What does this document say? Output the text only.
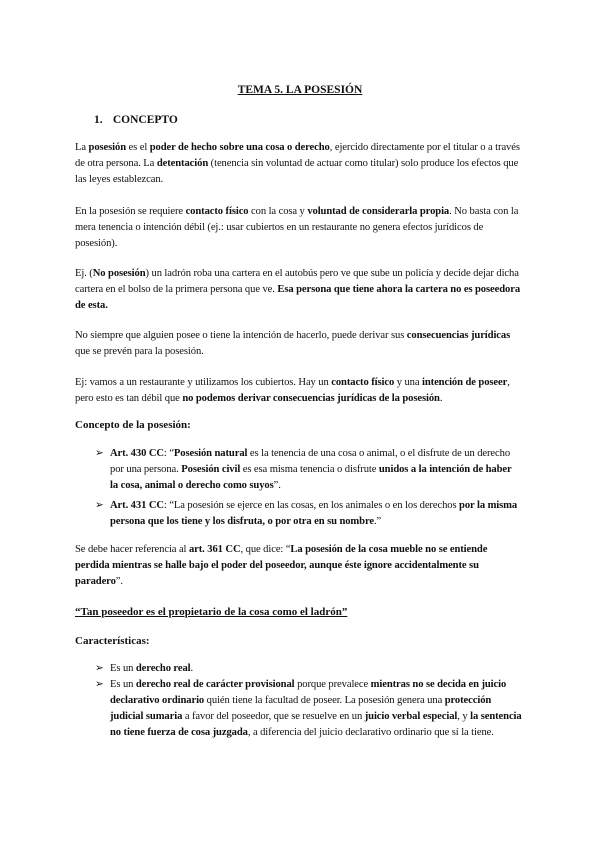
TEMA 5. LA POSESIÓN
1. CONCEPTO
La posesión es el poder de hecho sobre una cosa o derecho, ejercido directamente por el titular o a través
de otra persona. La detentación (tenencia sin voluntad de actuar como titular) solo produce los efectos que
las leyes establezcan.
En la posesión se requiere contacto físico con la cosa y voluntad de considerarla propia. No basta con la
mera tenencia o intención débil (ej.: usar cubiertos en un restaurante no genera efectos jurídicos de
posesión).
Ej. (No posesión) un ladrón roba una cartera en el autobús pero ve que sube un policía y decide dejar dicha
cartera en el bolso de la primera persona que ve. Esa persona que tiene ahora la cartera no es poseedora
de esta.
No siempre que alguien posee o tiene la intención de hacerlo, puede derivar sus consecuencias jurídicas
que se prevén para la posesión.
Ej: vamos a un restaurante y utilizamos los cubiertos. Hay un contacto físico y una intención de poseer,
pero esto es tan débil que no podemos derivar consecuencias jurídicas de la posesión.
Concepto de la posesión:
➢ Art. 430 CC: “Posesión natural es la tenencia de una cosa o animal, o el disfrute de un derecho
por una persona. Posesión civil es esa misma tenencia o disfrute unidos a la intención de haber
la cosa, animal o derecho como suyos”.
➢ Art. 431 CC: “La posesión se ejerce en las cosas, en los animales o en los derechos por la misma
persona que los tiene y los disfruta, o por otra en su nombre.”
Se debe hacer referencia al art. 361 CC, que dice: “La posesión de la cosa mueble no se entiende
perdida mientras se halle bajo el poder del poseedor, aunque éste ignore accidentalmente su
paradero”.
“Tan poseedor es el propietario de la cosa como el ladrón”
Características:
➢ Es un derecho real.
➢ Es un derecho real de carácter provisional porque prevalece mientras no se decida en juicio
declarativo ordinario quién tiene la facultad de poseer. La posesión genera una protección
judicial sumaria a favor del poseedor, que se resuelve en un juicio verbal especial, y la sentencia
no tiene fuerza de cosa juzgada, a diferencia del juicio declarativo ordinario que sí la tiene.
